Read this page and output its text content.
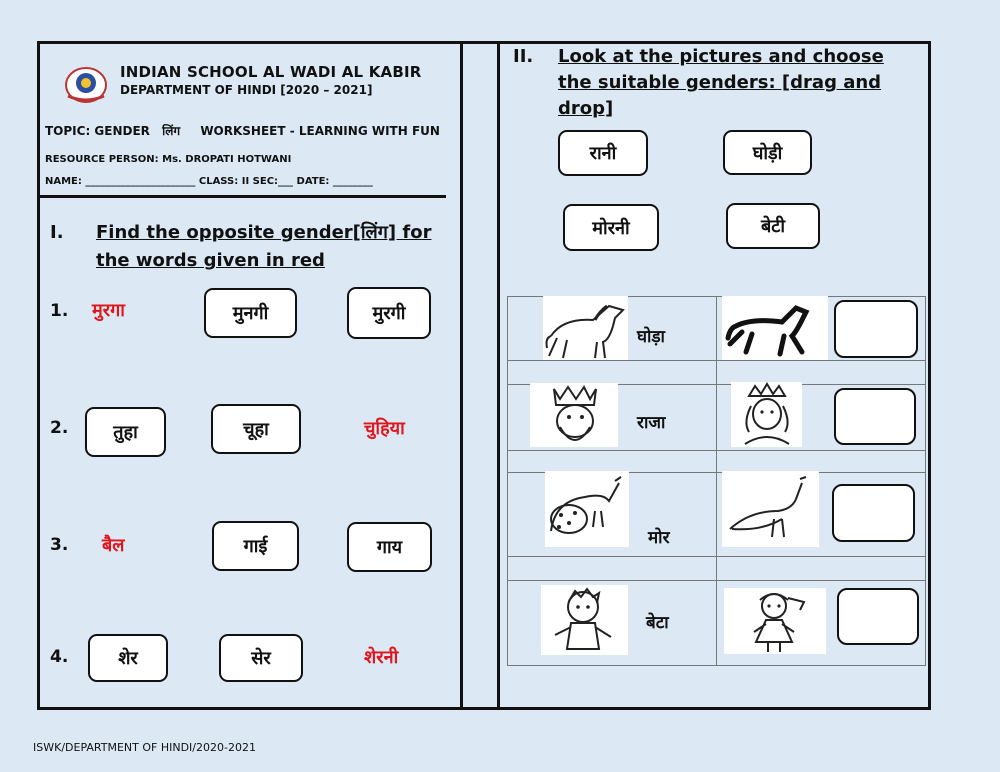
INDIAN SCHOOL AL WADI AL KABIR
DEPARTMENT OF HINDI [2020 – 2021]
TOPIC: GENDER लिंग WORKSHEET - LEARNING WITH FUN
RESOURCE PERSON: Ms. DROPATI HOTWANI
NAME: ______________________ CLASS: II SEC:___ DATE: ________
I. Find the opposite gender[लिंग] for the words given in red
1. मुरगा	मुनगी	मुरगी
2.	तुहा	चूहा	चुहिया
3. बैल	गाई	गाय
4.	शेर	सेर	शेरनी
II. Look at the pictures and choose the suitable genders: [drag and drop]
रानी	घोड़ी
मोरनी	बेटी

घोड़ा
राजा
मोर
बेटा
ISWK/DEPARTMENT OF HINDI/2020-2021
